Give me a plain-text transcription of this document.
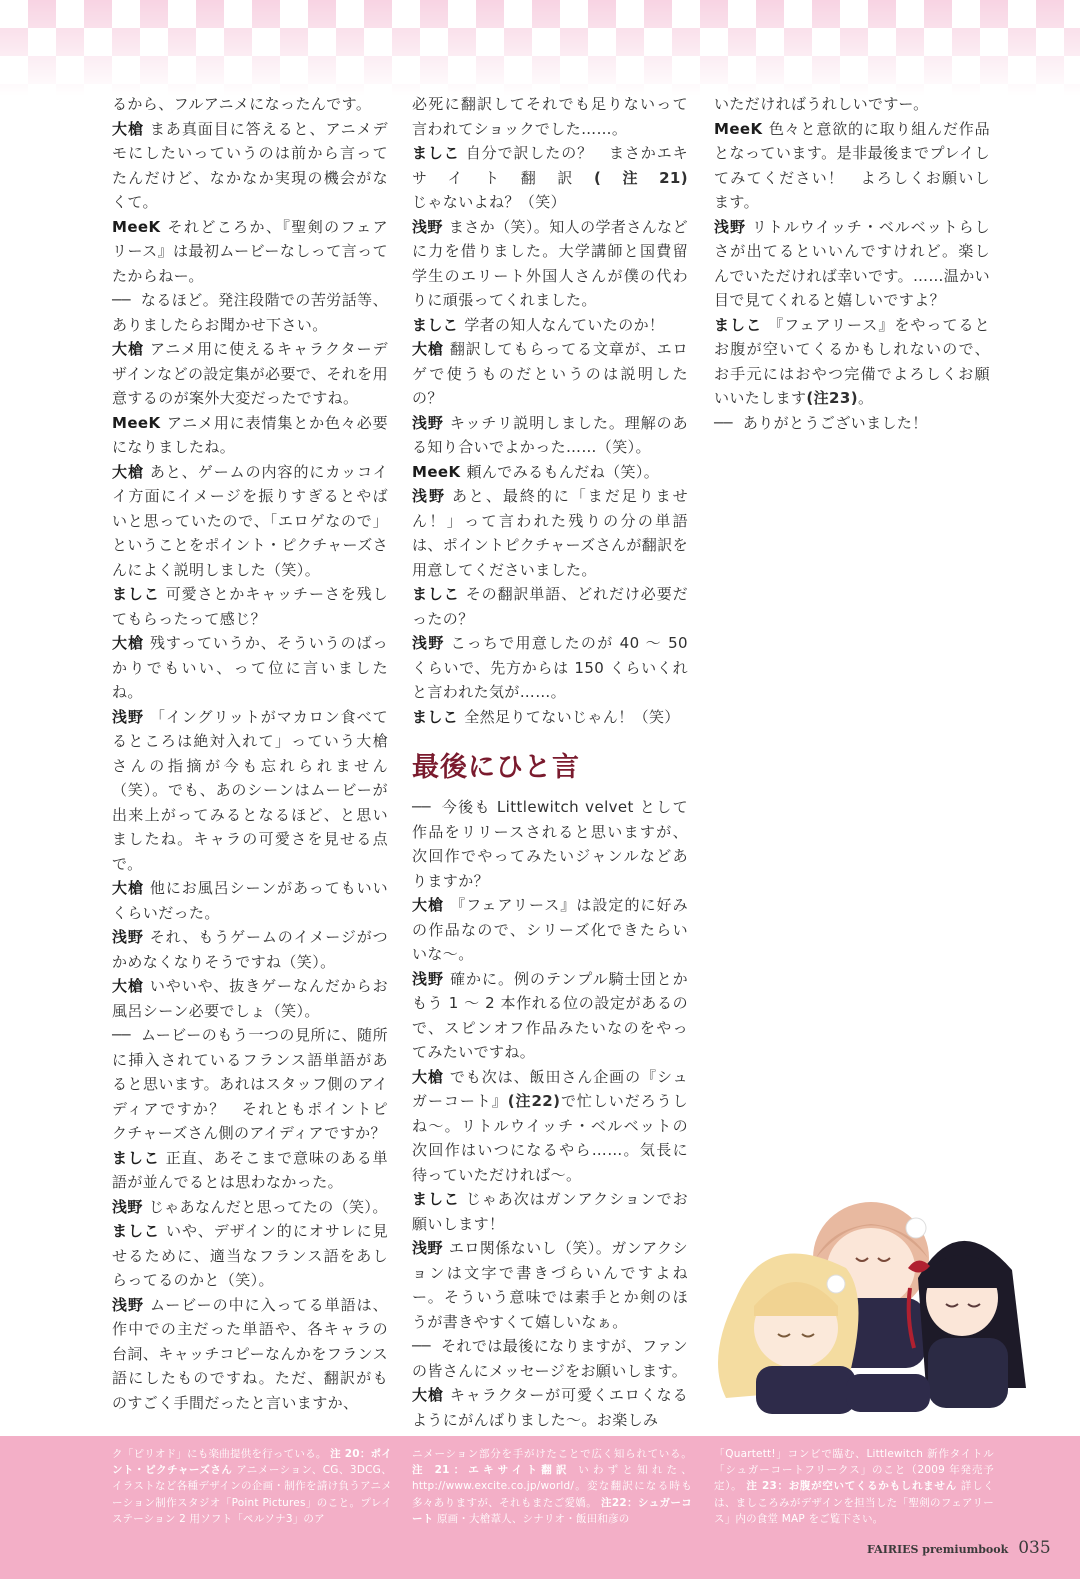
るから、フルアニメになったんです。

大槍 まあ真面目に答えると、アニメデモにしたいっていうのは前から言ってたんだけど、なかなか実現の機会がなくて。

MeeK それどころか、『聖剣のフェアリース』は最初ムービーなしって言ってたからねー。

── なるほど。発注段階での苦労話等、ありましたらお聞かせ下さい。

大槍 アニメ用に使えるキャラクターデザインなどの設定集が必要で、それを用意するのが案外大変だったですね。

MeeK アニメ用に表情集とか色々必要になりましたね。

大槍 あと、ゲームの内容的にカッコイイ方面にイメージを振りすぎるとやばいと思っていたので、「エロゲなので」ということをポイント・ピクチャーズさんによく説明しました（笑）。

ましこ 可愛さとかキャッチーさを残してもらったって感じ？

大槍 残すっていうか、そういうのばっかりでもいい、って位に言いましたね。

浅野 「イングリットがマカロン食べてるところは絶対入れて」っていう大槍さんの指摘が今も忘れられません（笑）。でも、あのシーンはムービーが出来上がってみるとなるほど、と思いましたね。キャラの可愛さを見せる点で。

大槍 他にお風呂シーンがあってもいいくらいだった。

浅野 それ、もうゲームのイメージがつかめなくなりそうですね（笑）。

大槍 いやいや、抜きゲーなんだからお風呂シーン必要でしょ（笑）。

── ムービーのもう一つの見所に、随所に挿入されているフランス語単語があると思います。あれはスタッフ側のアイディアですか？　それともポイントピクチャーズさん側のアイディアですか？

ましこ 正直、あそこまで意味のある単語が並んでるとは思わなかった。

浅野 じゃあなんだと思ってたの（笑）。

ましこ いや、デザイン的にオサレに見せるために、適当なフランス語をあしらってるのかと（笑）。

浅野 ムービーの中に入ってる単語は、作中での主だった単語や、各キャラの台詞、キャッチコピーなんかをフランス語にしたものですね。ただ、翻訳がものすごく手間だったと言いますか、

必死に翻訳してそれでも足りないって言われてショックでした……。

ましこ 自分で訳したの？　まさかエキサイト翻訳(注21)じゃないよね？（笑）

浅野 まさか（笑）。知人の学者さんなどに力を借りました。大学講師と国費留学生のエリート外国人さんが僕の代わりに頑張ってくれました。

ましこ 学者の知人なんていたのか！

大槍 翻訳してもらってる文章が、エロゲで使うものだというのは説明したの？

浅野 キッチリ説明しました。理解のある知り合いでよかった……（笑）。

MeeK 頼んでみるもんだね（笑）。

浅野 あと、最終的に「まだ足りません！」って言われた残りの分の単語は、ポイントピクチャーズさんが翻訳を用意してくださいました。

ましこ その翻訳単語、どれだけ必要だったの？

浅野 こっちで用意したのが 40 ～ 50 くらいで、先方からは 150 くらいくれと言われた気が……。

ましこ 全然足りてないじゃん！（笑）

最後にひと言

── 今後も Littlewitch velvet として作品をリリースされると思いますが、次回作でやってみたいジャンルなどありますか？

大槍 『フェアリース』は設定的に好みの作品なので、シリーズ化できたらいいな～。

浅野 確かに。例のテンプル騎士団とかもう 1 ～ 2 本作れる位の設定があるので、スピンオフ作品みたいなのをやってみたいですね。

大槍 でも次は、飯田さん企画の『シュガーコート』(注22)で忙しいだろうしね～。リトルウイッチ・ベルベットの次回作はいつになるやら……。気長に待っていただければ～。

ましこ じゃあ次はガンアクションでお願いします！

浅野 エロ関係ないし（笑）。ガンアクションは文字で書きづらいんですよねー。そういう意味では素手とか剣のほうが書きやすくて嬉しいなぁ。

── それでは最後になりますが、ファンの皆さんにメッセージをお願いします。

大槍 キャラクターが可愛くエロくなるようにがんばりました～。お楽しみ

いただければうれしいですー。

MeeK 色々と意欲的に取り組んだ作品となっています。是非最後までプレイしてみてください！　よろしくお願いします。

浅野 リトルウイッチ・ベルベットらしさが出てるといいんですけれど。楽しんでいただければ幸いです。……温かい目で見てくれると嬉しいですよ？

ましこ 『フェアリース』をやってるとお腹が空いてくるかもしれないので、お手元にはおやつ完備でよろしくお願いいたします(注23)。

── ありがとうございました！

ク「ピリオド」にも楽曲提供を行っている。 注 20：ポイント・ピクチャーズさん アニメーション、CG、3DCG、イラストなど各種デザインの企画・制作を請け負うアニメーション制作スタジオ「Point Pictures」のこと。プレイステーション 2 用ソフト「ペルソナ3」のア
ニメーション部分を手がけたことで広く知られている。 注 21：エキサイト翻訳 いわずと知れた、http://www.excite.co.jp/world/。変な翻訳になる時も多々ありますが、それもまたご愛嬌。 注22：シュガーコート 原画・大槍葦人、シナリオ・飯田和彦の
「Quartett!」コンビで臨む、Littlewitch 新作タイトル「シュガーコートフリークス」のこと（2009 年発売予定）。 注 23：お腹が空いてくるかもしれません 詳しくは、ましころみがデザインを担当した「聖剣のフェアリース」内の食堂 MAP をご覧下さい。
FAIRIES premiumbook 035
